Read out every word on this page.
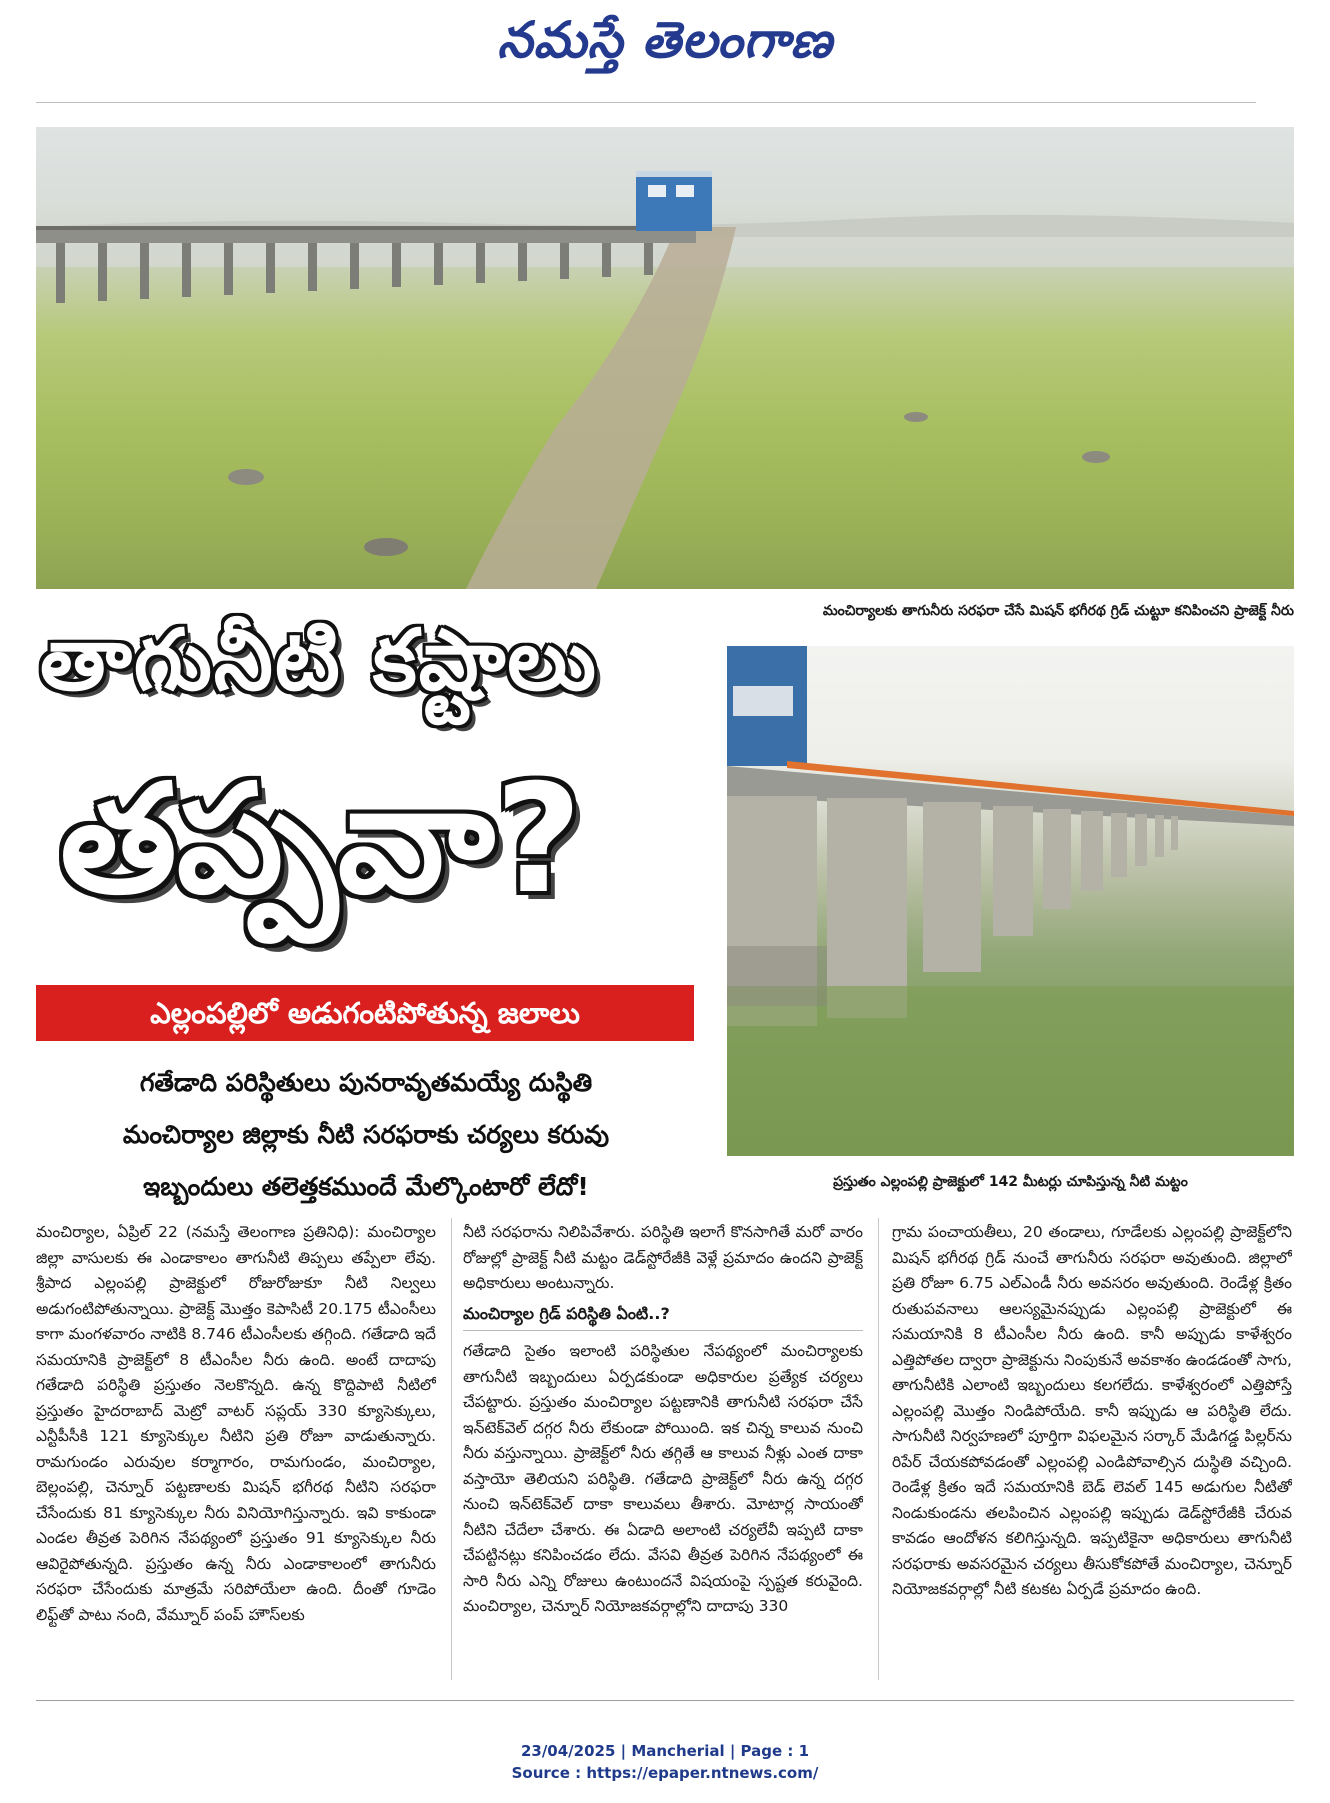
నమస్తే తెలంగాణ
మంచిర్యాలకు తాగునీరు సరఫరా చేసే మిషన్ భగీరథ గ్రిడ్ చుట్టూ కనిపించని ప్రాజెక్ట్ నీరు
ప్రస్తుతం ఎల్లంపల్లి ప్రాజెక్టులో 142 మీటర్లు చూపిస్తున్న నీటి మట్టం
తాగునీటి కష్టాలు
తప్పవా?
ఎల్లంపల్లిలో అడుగంటిపోతున్న జలాలు
గతేడాది పరిస్థితులు పునరావృతమయ్యే దుస్థితి
మంచిర్యాల జిల్లాకు నీటి సరఫరాకు చర్యలు కరువు
ఇబ్బందులు తలెత్తకముందే మేల్కొంటారో లేదో!

మంచిర్యాల, ఏప్రిల్ 22 (నమస్తే తెలంగాణ ప్రతినిధి): మంచిర్యాల జిల్లా వాసులకు ఈ ఎండాకాలం తాగునీటి తిప్పలు తప్పేలా లేవు. శ్రీపాద ఎల్లంపల్లి ప్రాజెక్టులో రోజురోజుకూ నీటి నిల్వలు అడుగంటిపోతున్నాయి. ప్రాజెక్ట్ మొత్తం కెపాసిటీ 20.175 టీఎంసీలు కాగా మంగళవారం నాటికి 8.746 టీఎంసీలకు తగ్గింది. గతేడాది ఇదే సమయానికి ప్రాజెక్ట్‌లో 8 టీఎంసీల నీరు ఉంది. అంటే దాదాపు గతేడాది పరిస్థితి ప్రస్తుతం నెలకొన్నది. ఉన్న కొద్దిపాటి నీటిలో ప్రస్తుతం హైదరాబాద్ మెట్రో వాటర్ సప్లయ్ 330 క్యూసెక్కులు, ఎన్టీపీసీకి 121 క్యూసెక్కుల నీటిని ప్రతి రోజూ వాడుతున్నారు. రామగుండం ఎరువుల కర్మాగారం, రామగుండం, మంచిర్యాల, బెల్లంపల్లి, చెన్నూర్ పట్టణాలకు మిషన్ భగీరథ నీటిని సరఫరా చేసేందుకు 81 క్యూసెక్కుల నీరు వినియోగిస్తున్నారు. ఇవి కాకుండా ఎండల తీవ్రత పెరిగిన నేపథ్యంలో ప్రస్తుతం 91 క్యూసెక్కుల నీరు ఆవిరైపోతున్నది. ప్రస్తుతం ఉన్న నీరు ఎండాకాలంలో తాగునీరు సరఫరా చేసేందుకు మాత్రమే సరిపోయేలా ఉంది. దీంతో గూడెం లిఫ్ట్‌తో పాటు నంది, వేమ్నూర్ పంప్ హౌస్‌లకు

నీటి సరఫరాను నిలిపివేశారు. పరిస్థితి ఇలాగే కొనసాగితే మరో వారం రోజుల్లో ప్రాజెక్ట్ నీటి మట్టం డెడ్‌స్టోరేజీకి వెళ్లే ప్రమాదం ఉందని ప్రాజెక్ట్ అధికారులు అంటున్నారు.

మంచిర్యాల గ్రిడ్ పరిస్థితి ఏంటి..?

గతేడాది సైతం ఇలాంటి పరిస్థితుల నేపథ్యంలో మంచిర్యాలకు తాగునీటి ఇబ్బందులు ఏర్పడకుండా అధికారుల ప్రత్యేక చర్యలు చేపట్టారు. ప్రస్తుతం మంచిర్యాల పట్టణానికి తాగునీటి సరఫరా చేసే ఇన్‌టెక్‌వెల్ దగ్గర నీరు లేకుండా పోయింది. ఇక చిన్న కాలువ నుంచి నీరు వస్తున్నాయి. ప్రాజెక్ట్‌లో నీరు తగ్గితే ఆ కాలువ నీళ్లు ఎంత దాకా వస్తాయో తెలియని పరిస్థితి. గతేడాది ప్రాజెక్ట్‌లో నీరు ఉన్న దగ్గర నుంచి ఇన్‌టెక్‌వెల్ దాకా కాలువలు తీశారు. మోటార్ల సాయంతో నీటిని చేదేలా చేశారు. ఈ ఏడాది అలాంటి చర్యలేవీ ఇప్పటి దాకా చేపట్టినట్లు కనిపించడం లేదు. వేసవి తీవ్రత పెరిగిన నేపథ్యంలో ఈ సారి నీరు ఎన్ని రోజులు ఉంటుందనే విషయంపై స్పష్టత కరువైంది. మంచిర్యాల, చెన్నూర్ నియోజకవర్గాల్లోని దాదాపు 330

గ్రామ పంచాయతీలు, 20 తండాలు, గూడేలకు ఎల్లంపల్లి ప్రాజెక్ట్‌లోని మిషన్ భగీరథ గ్రిడ్ నుంచే తాగునీరు సరఫరా అవుతుంది. జిల్లాలో ప్రతి రోజూ 6.75 ఎల్ఎండీ నీరు అవసరం అవుతుంది. రెండేళ్ల క్రితం రుతుపవనాలు ఆలస్యమైనప్పుడు ఎల్లంపల్లి ప్రాజెక్టులో ఈ సమయానికి 8 టీఎంసీల నీరు ఉంది. కానీ అప్పుడు కాళేశ్వరం ఎత్తిపోతల ద్వారా ప్రాజెక్టును నింపుకునే అవకాశం ఉండడంతో సాగు, తాగునీటికి ఎలాంటి ఇబ్బందులు కలగలేదు. కాళేశ్వరంలో ఎత్తిపోస్తే ఎల్లంపల్లి మొత్తం నిండిపోయేది. కానీ ఇప్పుడు ఆ పరిస్థితి లేదు. సాగునీటి నిర్వహణలో పూర్తిగా విఫలమైన సర్కార్ మేడిగడ్డ పిల్లర్‌ను రిపేర్ చేయకపోవడంతో ఎల్లంపల్లి ఎండిపోవాల్సిన దుస్థితి వచ్చింది. రెండేళ్ల క్రితం ఇదే సమయానికి బెడ్ లెవల్ 145 అడుగుల నీటితో నిండుకుండను తలపించిన ఎల్లంపల్లి ఇప్పుడు డెడ్‌స్టోరేజీకి చేరువ కావడం ఆందోళన కలిగిస్తున్నది. ఇప్పటికైనా అధికారులు తాగునీటి సరఫరాకు అవసరమైన చర్యలు తీసుకోకపోతే మంచిర్యాల, చెన్నూర్ నియోజకవర్గాల్లో నీటి కటకట ఏర్పడే ప్రమాదం ఉంది.

23/04/2025 | Mancherial | Page : 1
Source : https://epaper.ntnews.com/
